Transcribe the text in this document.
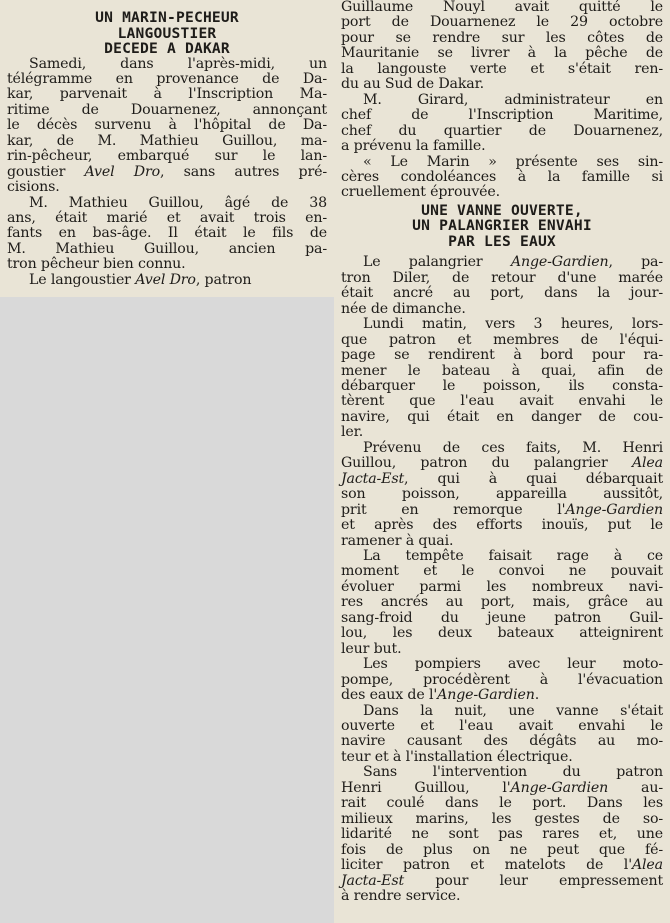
UN MARIN-PECHEUR
LANGOUSTIER
DECEDE A DAKAR

Samedi, dans l'après-midi, un
télégramme en provenance de Da-
kar, parvenait à l'Inscription Ma-
ritime de Douarnenez, annonçant
le décès survenu à l'hôpital de Da-
kar, de M. Mathieu Guillou, ma-
rin-pêcheur, embarqué sur le lan-
goustier Avel Dro, sans autres pré-
cisions.

M. Mathieu Guillou, âgé de 38
ans, était marié et avait trois en-
fants en bas-âge. Il était le fils de
M. Mathieu Guillou, ancien pa-
tron pêcheur bien connu.

Le langoustier Avel Dro, patron

Guillaume Nouyl avait quitté le
port de Douarnenez le 29 octobre
pour se rendre sur les côtes de
Mauritanie se livrer à la pêche de
la langouste verte et s'était ren-
du au Sud de Dakar.

M. Girard, administrateur en
chef de l'Inscription Maritime,
chef du quartier de Douarnenez,
a prévenu la famille.

« Le Marin » présente ses sin-
cères condoléances à la famille si
cruellement éprouvée.

UNE VANNE OUVERTE,
UN PALANGRIER ENVAHI
PAR LES EAUX

Le palangrier Ange-Gardien, pa-
tron Diler, de retour d'une marée
était ancré au port, dans la jour-
née de dimanche.

Lundi matin, vers 3 heures, lors-
que patron et membres de l'équi-
page se rendirent à bord pour ra-
mener le bateau à quai, afin de
débarquer le poisson, ils consta-
tèrent que l'eau avait envahi le
navire, qui était en danger de cou-
ler.

Prévenu de ces faits, M. Henri
Guillou, patron du palangrier Alea
Jacta-Est, qui à quai débarquait
son poisson, appareilla aussitôt,
prit en remorque l'Ange-Gardien
et après des efforts inouïs, put le
ramener à quai.

La tempête faisait rage à ce
moment et le convoi ne pouvait
évoluer parmi les nombreux navi-
res ancrés au port, mais, grâce au
sang-froid du jeune patron Guil-
lou, les deux bateaux atteignirent
leur but.

Les pompiers avec leur moto-
pompe, procédèrent à l'évacuation
des eaux de l'Ange-Gardien.

Dans la nuit, une vanne s'était
ouverte et l'eau avait envahi le
navire causant des dégâts au mo-
teur et à l'installation électrique.

Sans l'intervention du patron
Henri Guillou, l'Ange-Gardien au-
rait coulé dans le port. Dans les
milieux marins, les gestes de so-
lidarité ne sont pas rares et, une
fois de plus on ne peut que fé-
liciter patron et matelots de l'Alea
Jacta-Est pour leur empressement
à rendre service.
